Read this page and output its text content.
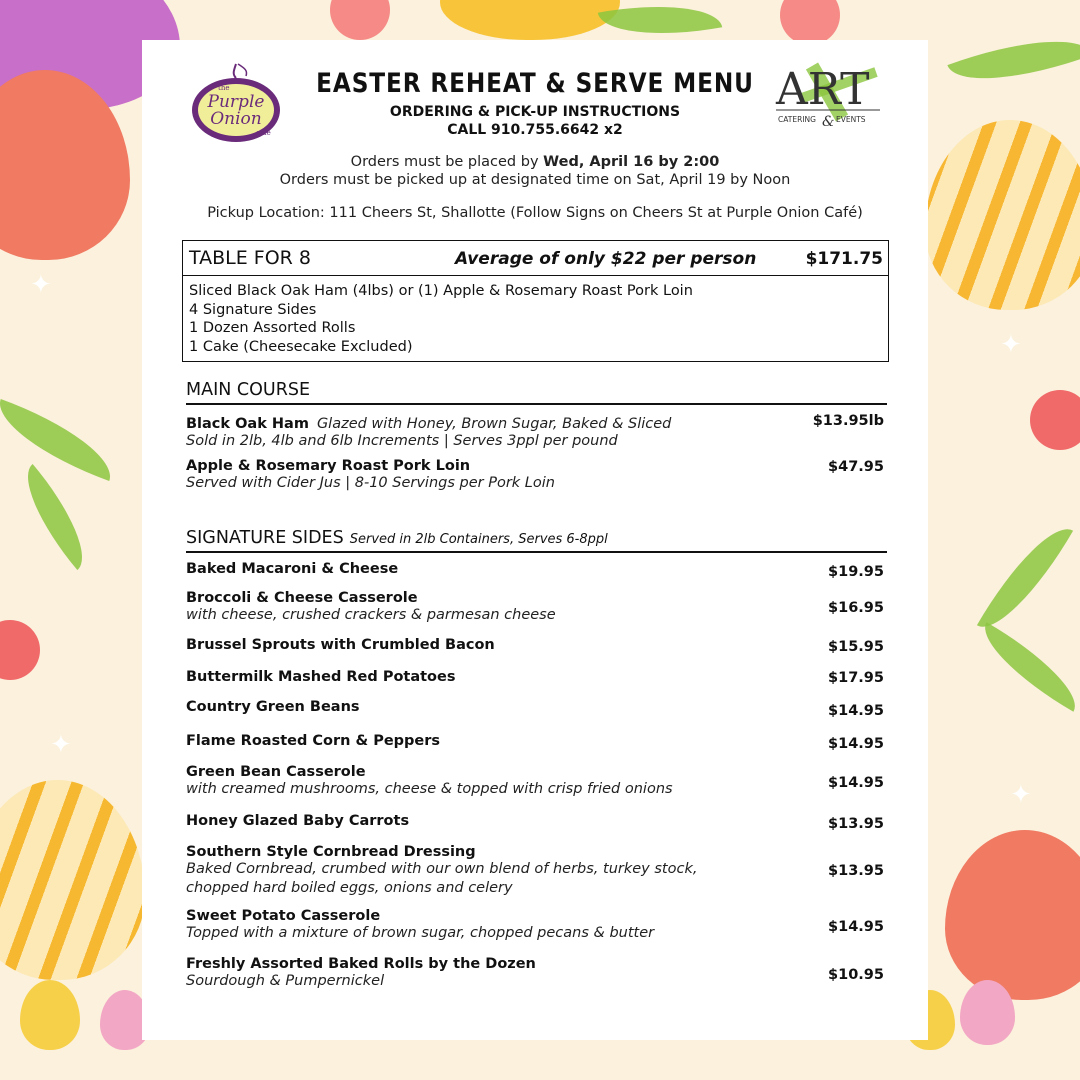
✦
✦
✦
✦
the
Purple
Onion
café
ART
CATERING & EVENTS
EASTER REHEAT & SERVE MENU
ORDERING & PICK-UP INSTRUCTIONS
CALL 910.755.6642 x2
Orders must be placed by Wed, April 16 by 2:00
Orders must be picked up at designated time on Sat, April 19 by Noon
Pickup Location: 111 Cheers St, Shallotte (Follow Signs on Cheers St at Purple Onion Café)
TABLE FOR 8	Average of only $22 per person	$171.75
Sliced Black Oak Ham (4lbs) or (1) Apple & Rosemary Roast Pork Loin
4 Signature Sides
1 Dozen Assorted Rolls
1 Cake (Cheesecake Excluded)
MAIN COURSE
Black Oak Ham Glazed with Honey, Brown Sugar, Baked & Sliced
Sold in 2lb, 4lb and 6lb Increments | Serves 3ppl per pound
$13.95lb
Apple & Rosemary Roast Pork Loin
Served with Cider Jus | 8-10 Servings per Pork Loin
$47.95
SIGNATURE SIDES Served in 2lb Containers, Serves 6-8ppl
Baked Macaroni & Cheese	$19.95
Broccoli & Cheese Casserole
with cheese, crushed crackers & parmesan cheese	$16.95
Brussel Sprouts with Crumbled Bacon	$15.95
Buttermilk Mashed Red Potatoes	$17.95
Country Green Beans	$14.95
Flame Roasted Corn & Peppers	$14.95
Green Bean Casserole
with creamed mushrooms, cheese & topped with crisp fried onions	$14.95
Honey Glazed Baby Carrots	$13.95
Southern Style Cornbread Dressing
Baked Cornbread, crumbed with our own blend of herbs, turkey stock,
chopped hard boiled eggs, onions and celery
$13.95
Sweet Potato Casserole
Topped with a mixture of brown sugar, chopped pecans & butter	$14.95
Freshly Assorted Baked Rolls by the Dozen
Sourdough & Pumpernickel	$10.95
